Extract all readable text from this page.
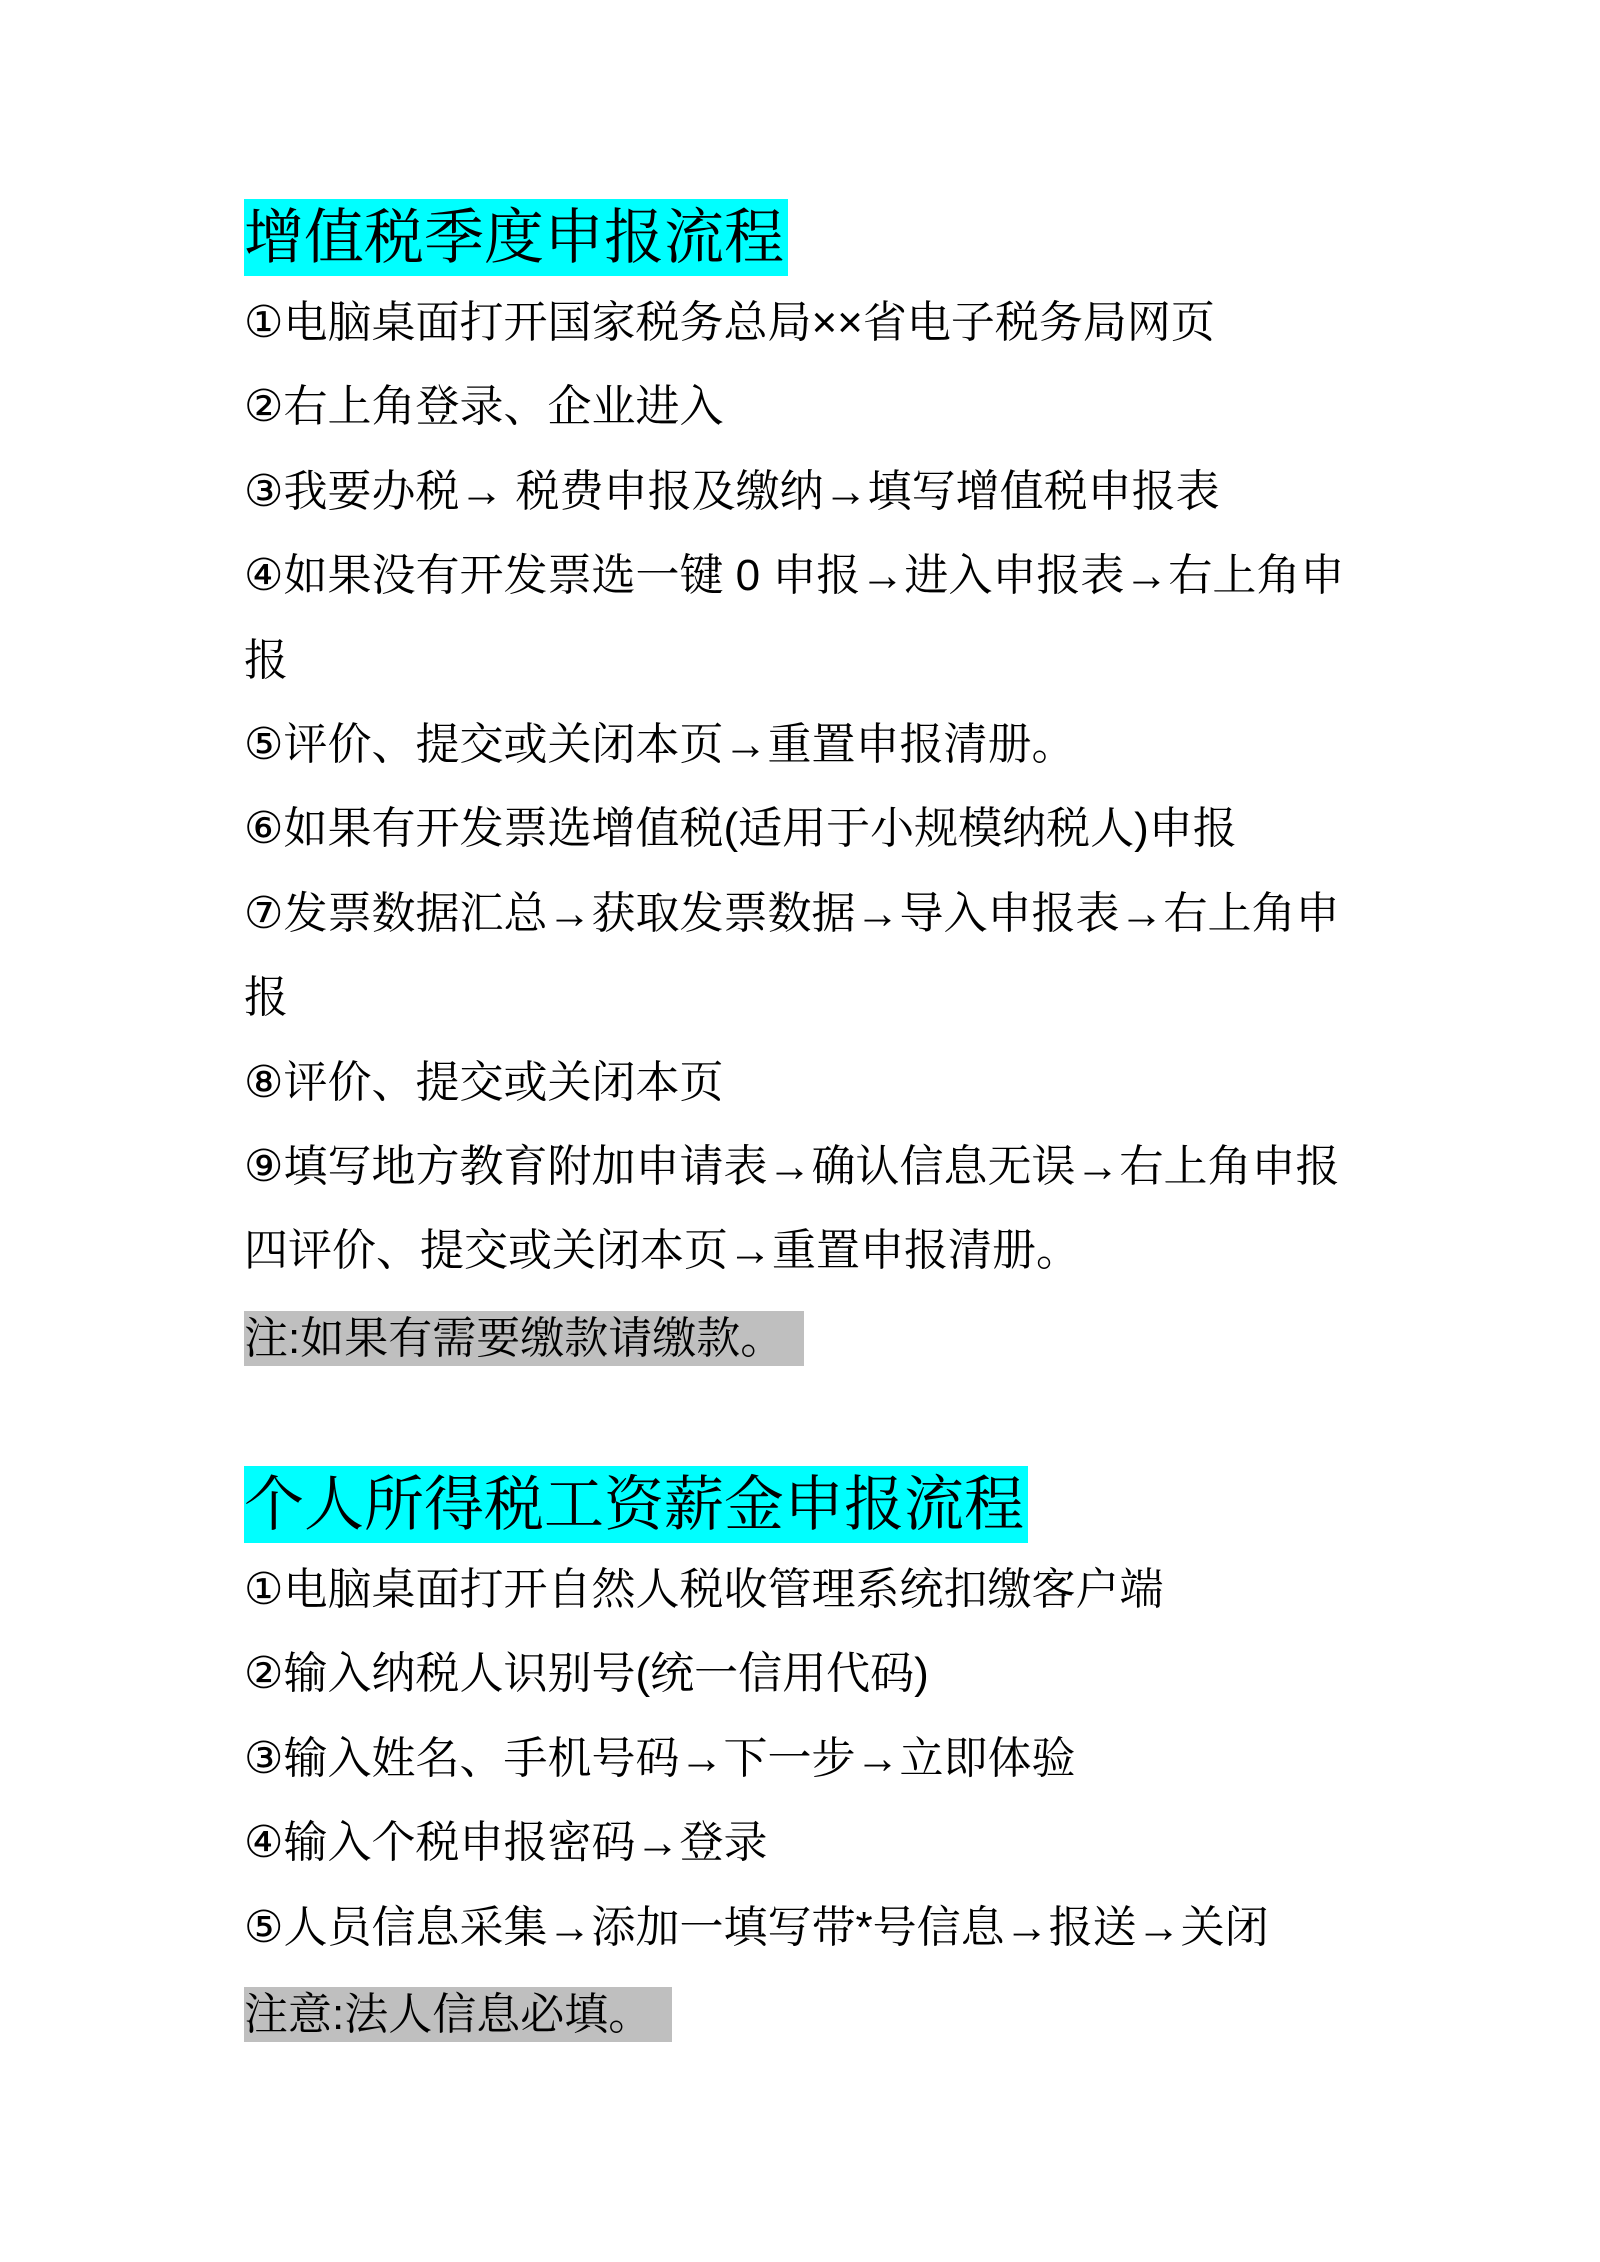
增值税季度申报流程
①电脑桌面打开国家税务总局××省电子税务局网页
②右上角登录、企业进入
③我要办税→ 税费申报及缴纳→填写增值税申报表
④如果没有开发票选一键 0 申报→进入申报表→右上角申
报
⑤评价、提交或关闭本页→重置申报清册。
⑥如果有开发票选增值税(适用于小规模纳税人)申报
⑦发票数据汇总→获取发票数据→导入申报表→右上角申
报
⑧评价、提交或关闭本页
⑨填写地方教育附加申请表→确认信息无误→右上角申报
四评价、提交或关闭本页→重置申报清册。
注:如果有需要缴款请缴款。
个人所得税工资薪金申报流程
①电脑桌面打开自然人税收管理系统扣缴客户端
②输入纳税人识别号(统一信用代码)
③输入姓名、手机号码→下一步→立即体验
④输入个税申报密码→登录
⑤人员信息采集→添加一填写带*号信息→报送→关闭
注意:法人信息必填。
